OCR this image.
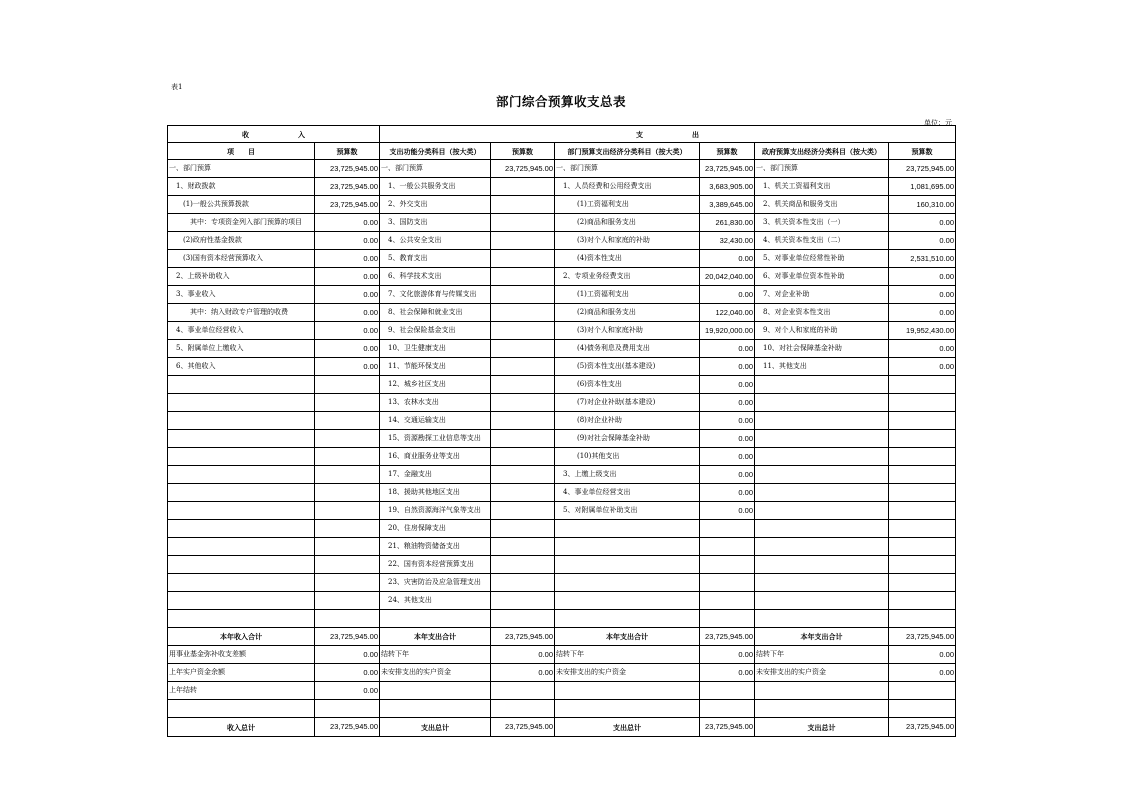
表1
部门综合预算收支总表
单位：元
收　　　　　　　入		支　　　　　　　出					
项　　目	预算数	支出功能分类科目（按大类）	预算数	部门预算支出经济分类科目（按大类）	预算数	政府预算支出经济分类科目（按大类）	预算数
一、部门预算	23,725,945.00	一、部门预算	23,725,945.00	一、部门预算	23,725,945.00	一、部门预算	23,725,945.00
　1、财政拨款	23,725,945.00	　1、一般公共服务支出		　1、人员经费和公用经费支出	3,683,905.00	　1、机关工资福利支出	1,081,695.00
　　(1)一般公共预算拨款	23,725,945.00	　2、外交支出		　　　(1)工资福利支出	3,389,645.00	　2、机关商品和服务支出	160,310.00
　　　其中：专项资金列入部门预算的项目	0.00	　3、国防支出		　　　(2)商品和服务支出	261,830.00	　3、机关资本性支出（一）	0.00
　　(2)政府性基金拨款	0.00	　4、公共安全支出		　　　(3)对个人和家庭的补助	32,430.00	　4、机关资本性支出（二）	0.00
　　(3)国有资本经营预算收入	0.00	　5、教育支出		　　　(4)资本性支出	0.00	　5、对事业单位经常性补助	2,531,510.00
　2、上级补助收入	0.00	　6、科学技术支出		　2、专项业务经费支出	20,042,040.00	　6、对事业单位资本性补助	0.00
　3、事业收入	0.00	　7、文化旅游体育与传媒支出		　　　(1)工资福利支出	0.00	　7、对企业补助	0.00
　　　其中：纳入财政专户管理的收费	0.00	　8、社会保障和就业支出		　　　(2)商品和服务支出	122,040.00	　8、对企业资本性支出	0.00
　4、事业单位经营收入	0.00	　9、社会保险基金支出		　　　(3)对个人和家庭补助	19,920,000.00	　9、对个人和家庭的补助	19,952,430.00
　5、附属单位上缴收入	0.00	　10、卫生健康支出		　　　(4)债务利息及费用支出	0.00	　10、对社会保障基金补助	0.00
　6、其他收入	0.00	　11、节能环保支出		　　　(5)资本性支出(基本建设)	0.00	　11、其他支出	0.00
		　12、城乡社区支出		　　　(6)资本性支出	0.00		
		　13、农林水支出		　　　(7)对企业补助(基本建设)	0.00		
		　14、交通运输支出		　　　(8)对企业补助	0.00		
		　15、资源勘探工业信息等支出		　　　(9)对社会保障基金补助	0.00		
		　16、商业服务业等支出		　　　(10)其他支出	0.00		
		　17、金融支出		　3、上缴上级支出	0.00		
		　18、援助其他地区支出		　4、事业单位经营支出	0.00		
		　19、自然资源海洋气象等支出		　5、对附属单位补助支出	0.00		
		　20、住房保障支出					
		　21、粮油物资储备支出					
		　22、国有资本经营预算支出					
		　23、灾害防治及应急管理支出					
		　24、其他支出					

本年收入合计	23,725,945.00	本年支出合计	23,725,945.00	本年支出合计	23,725,945.00	本年支出合计	23,725,945.00
用事业基金弥补收支差额	0.00	结转下年	0.00	结转下年	0.00	结转下年	0.00
上年实户资金余额	0.00	未安排支出的实户资金	0.00	未安排支出的实户资金	0.00	未安排支出的实户资金	0.00
上年结转	0.00						

收入总计	23,725,945.00	支出总计	23,725,945.00	支出总计	23,725,945.00	支出总计	23,725,945.00
